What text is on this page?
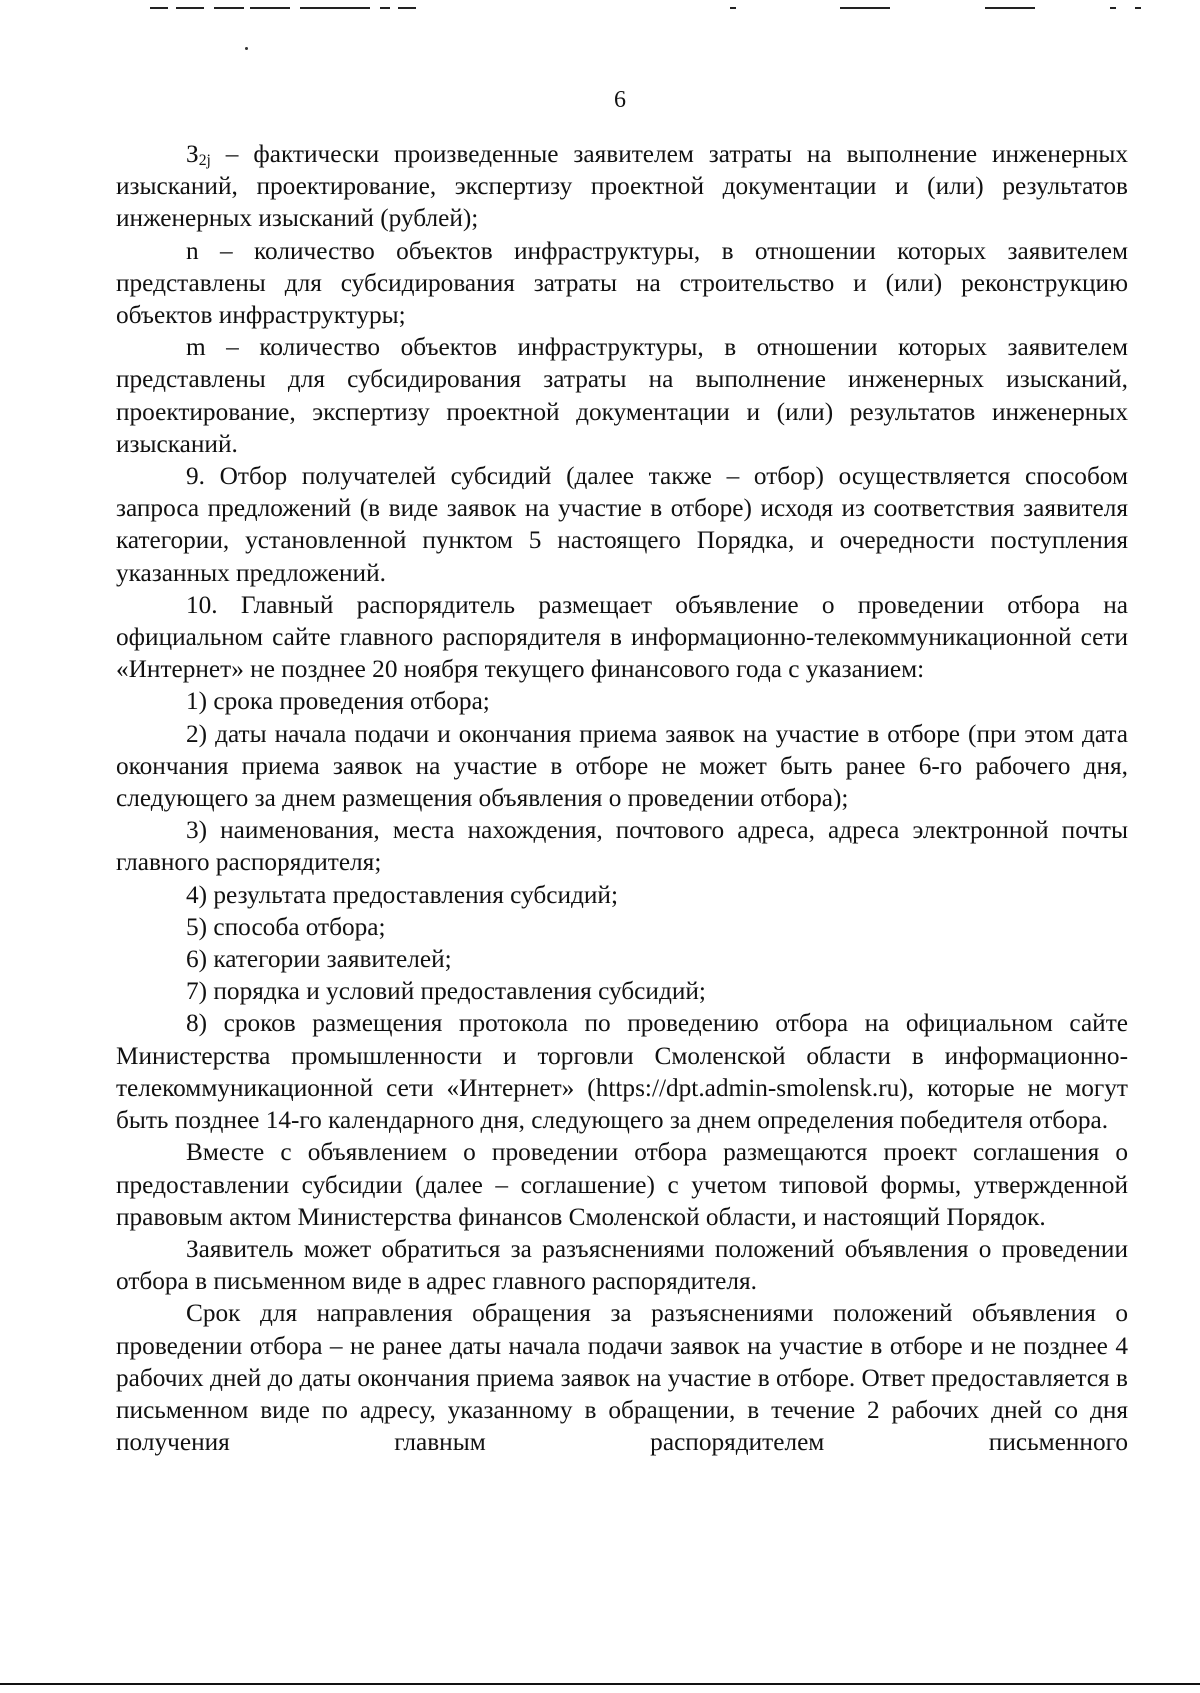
6

$З_{2j}$ – фактически произведенные заявителем затраты на выполнение инженерных изысканий, проектирование, экспертизу проектной документации и (или) результатов инженерных изысканий (рублей);

n – количество объектов инфраструктуры, в отношении которых заявителем представлены для субсидирования затраты на строительство и (или) реконструкцию объектов инфраструктуры;

m – количество объектов инфраструктуры, в отношении которых заявителем представлены для субсидирования затраты на выполнение инженерных изысканий, проектирование, экспертизу проектной документации и (или) результатов инженерных изысканий.

9. Отбор получателей субсидий (далее также – отбор) осуществляется способом запроса предложений (в виде заявок на участие в отборе) исходя из соответствия заявителя категории, установленной пунктом 5 настоящего Порядка, и очередности поступления указанных предложений.

10. Главный распорядитель размещает объявление о проведении отбора на официальном сайте главного распорядителя в информационно-телекоммуникационной сети «Интернет» не позднее 20 ноября текущего финансового года с указанием:

1) срока проведения отбора;

2) даты начала подачи и окончания приема заявок на участие в отборе (при этом дата окончания приема заявок на участие в отборе не может быть ранее 6-го рабочего дня, следующего за днем размещения объявления о проведении отбора);

3) наименования, места нахождения, почтового адреса, адреса электронной почты главного распорядителя;

4) результата предоставления субсидий;

5) способа отбора;

6) категории заявителей;

7) порядка и условий предоставления субсидий;

8) сроков размещения протокола по проведению отбора на официальном сайте Министерства промышленности и торговли Смоленской области в информационно-телекоммуникационной сети «Интернет» (https://dpt.admin-smolensk.ru), которые не могут быть позднее 14-го календарного дня, следующего за днем определения победителя отбора.

Вместе с объявлением о проведении отбора размещаются проект соглашения о предоставлении субсидии (далее – соглашение) с учетом типовой формы, утвержденной правовым актом Министерства финансов Смоленской области, и настоящий Порядок.

Заявитель может обратиться за разъяснениями положений объявления о проведении отбора в письменном виде в адрес главного распорядителя.

Срок для направления обращения за разъяснениями положений объявления о проведении отбора – не ранее даты начала подачи заявок на участие в отборе и не позднее 4 рабочих дней до даты окончания приема заявок на участие в отборе. Ответ предоставляется в письменном виде по адресу, указанному в обращении, в течение 2 рабочих дней со дня получения главным распорядителем письменного
